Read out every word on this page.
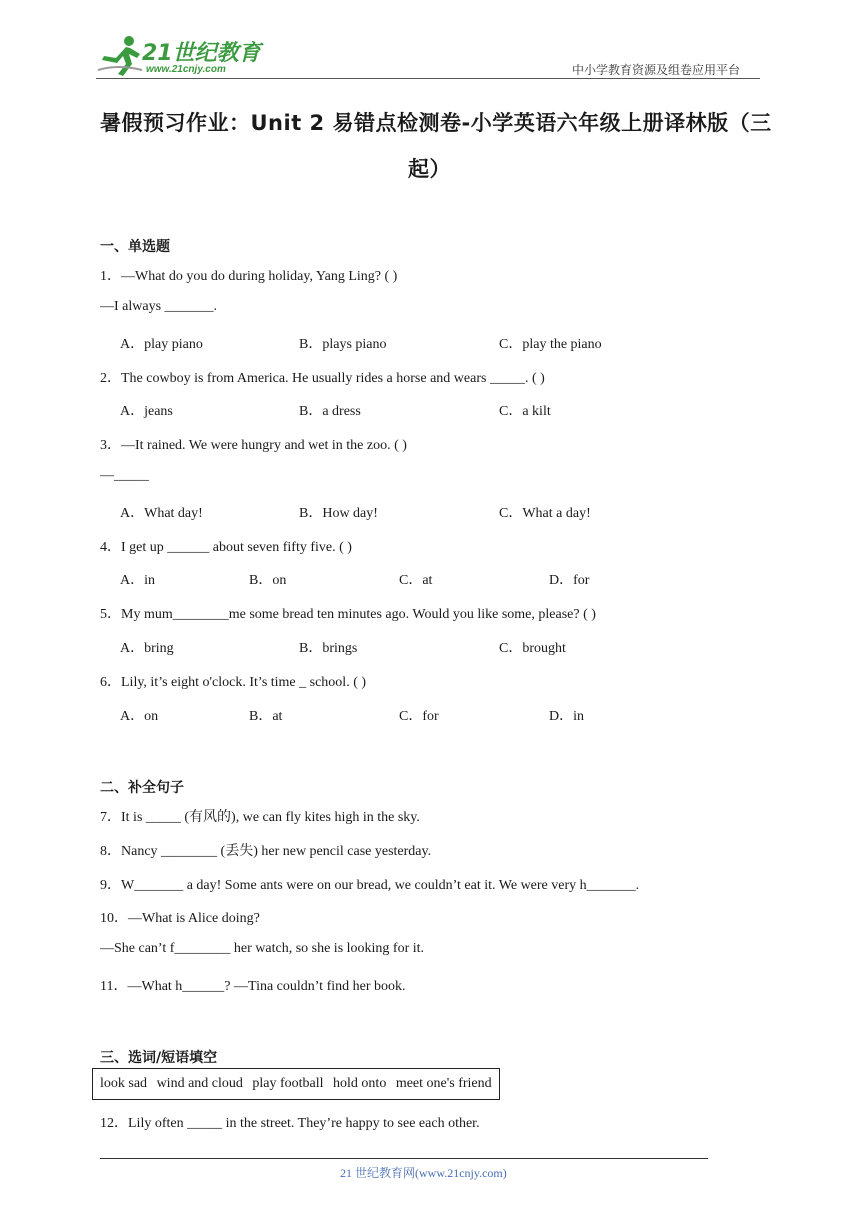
21世纪教育
www.21cnjy.com	中小学教育资源及组卷应用平台
暑假预习作业：Unit 2 易错点检测卷-小学英语六年级上册译林版（三
起）
一、单选题
1．—What do you do during holiday, Yang Ling? ( )
—I always _______.
A．play piano	B．plays piano	C．play the piano
2．The cowboy is from America. He usually rides a horse and wears _____. ( )
A．jeans	B．a dress	C．a kilt
3．—It rained. We were hungry and wet in the zoo. ( )
—_____
A．What day!	B．How day!	C．What a day!
4．I get up ______ about seven fifty five. ( )
A．in	B．on	C．at	D．for
5．My mum________me some bread ten minutes ago. Would you like some, please? ( )
A．bring	B．brings	C．brought
6．Lily, it’s eight o'clock. It’s time _ school. ( )
A．on	B．at	C．for	D．in
二、补全句子
7．It is _____ (有风的), we can fly kites high in the sky.
8．Nancy ________ (丢失) her new pencil case yesterday.
9．W_______ a day! Some ants were on our bread, we couldn’t eat it. We were very h_______.
10．—What is Alice doing?
—She can’t f________ her watch, so she is looking for it.
11．—What h______? —Tina couldn’t find her book.
三、选词/短语填空
look sad wind and cloud play football hold onto meet one's friend
12．Lily often _____ in the street. They’re happy to see each other.
21 世纪教育网(www.21cnjy.com)
